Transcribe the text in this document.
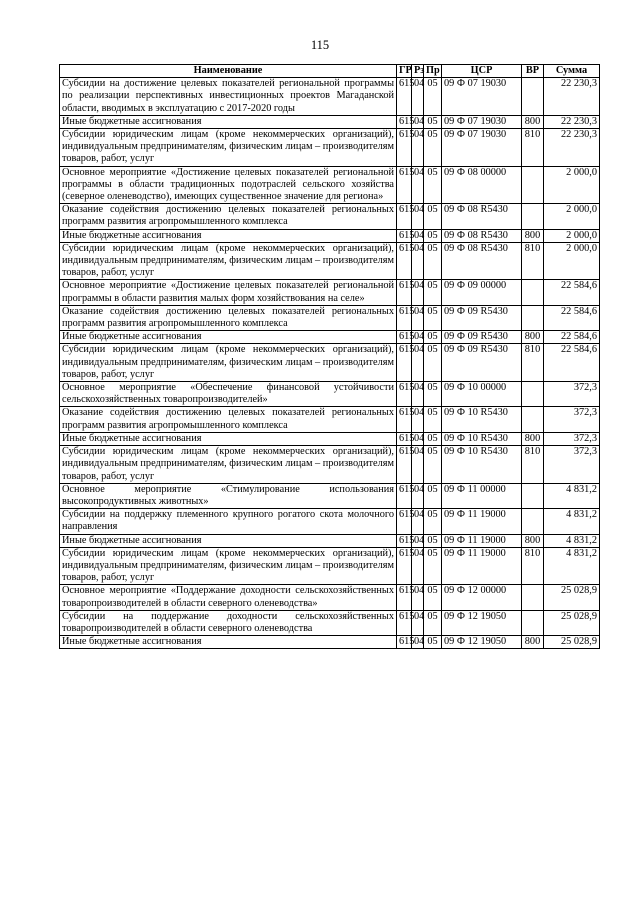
115
Наименование	ГР	Рз	Пр	ЦСР	ВР	Сумма
Субсидии на достижение целевых показателей региональной программы по реализации перспективных инвестиционных проектов Магаданской области, вводимых в эксплуатацию с 2017-2020 годы	615	04	05	09 Ф 07 19030		22 230,3
Иные бюджетные ассигнования	615	04	05	09 Ф 07 19030	800	22 230,3
Субсидии юридическим лицам (кроме некоммерческих организаций), индивидуальным предпринимателям, физическим лицам – производителям товаров, работ, услуг	615	04	05	09 Ф 07 19030	810	22 230,3
Основное мероприятие «Достижение целевых показателей региональной программы в области традиционных подотраслей сельского хозяйства (северное оленеводство), имеющих существенное значение для региона»	615	04	05	09 Ф 08 00000		2 000,0
Оказание содействия достижению целевых показателей региональных программ развития агропромышленного комплекса	615	04	05	09 Ф 08 R5430		2 000,0
Иные бюджетные ассигнования	615	04	05	09 Ф 08 R5430	800	2 000,0
Субсидии юридическим лицам (кроме некоммерческих организаций), индивидуальным предпринимателям, физическим лицам – производителям товаров, работ, услуг	615	04	05	09 Ф 08 R5430	810	2 000,0
Основное мероприятие «Достижение целевых показателей региональной программы в области развития малых форм хозяйствования на селе»	615	04	05	09 Ф 09 00000		22 584,6
Оказание содействия достижению целевых показателей региональных программ развития агропромышленного комплекса	615	04	05	09 Ф 09 R5430		22 584,6
Иные бюджетные ассигнования	615	04	05	09 Ф 09 R5430	800	22 584,6
Субсидии юридическим лицам (кроме некоммерческих организаций), индивидуальным предпринимателям, физическим лицам – производителям товаров, работ, услуг	615	04	05	09 Ф 09 R5430	810	22 584,6
Основное мероприятие «Обеспечение финансовой устойчивости сельскохозяйственных товаропроизводителей»	615	04	05	09 Ф 10 00000		372,3
Оказание содействия достижению целевых показателей региональных программ развития агропромышленного комплекса	615	04	05	09 Ф 10 R5430		372,3
Иные бюджетные ассигнования	615	04	05	09 Ф 10 R5430	800	372,3
Субсидии юридическим лицам (кроме некоммерческих организаций), индивидуальным предпринимателям, физическим лицам – производителям товаров, работ, услуг	615	04	05	09 Ф 10 R5430	810	372,3
Основное мероприятие «Стимулирование использования высокопродуктивных животных»	615	04	05	09 Ф 11 00000		4 831,2
Субсидии на поддержку племенного крупного рогатого скота молочного направления	615	04	05	09 Ф 11 19000		4 831,2
Иные бюджетные ассигнования	615	04	05	09 Ф 11 19000	800	4 831,2
Субсидии юридическим лицам (кроме некоммерческих организаций), индивидуальным предпринимателям, физическим лицам – производителям товаров, работ, услуг	615	04	05	09 Ф 11 19000	810	4 831,2
Основное мероприятие «Поддержание доходности сельскохозяйственных товаропроизводителей в области северного оленеводства»	615	04	05	09 Ф 12 00000		25 028,9
Субсидии на поддержание доходности сельскохозяйственных товаропроизводителей в области северного оленеводства	615	04	05	09 Ф 12 19050		25 028,9
Иные бюджетные ассигнования	615	04	05	09 Ф 12 19050	800	25 028,9
